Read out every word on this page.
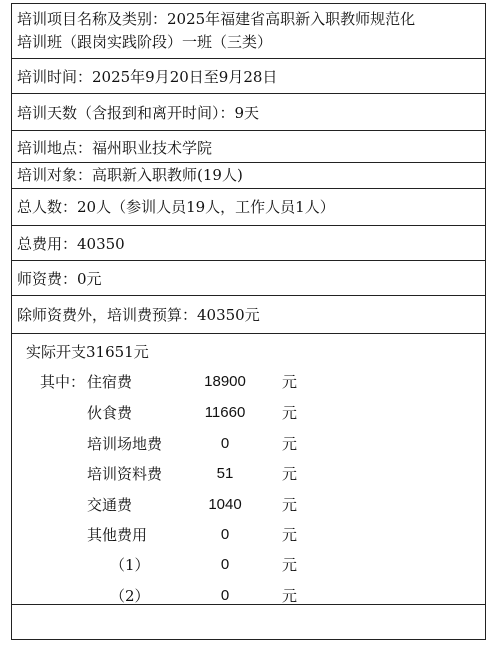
培训项目名称及类别：2025年福建省高职新入职教师规范化
培训班（跟岗实践阶段）一班（三类）
培训时间：2025年9月20日至9月28日
培训天数（含报到和离开时间）：9天
培训地点：福州职业技术学院
培训对象：高职新入职教师(19人)
总人数：20人（参训人员19人，工作人员1人）
总费用：40350
师资费：0元
除师资费外，培训费预算：40350元
实际开支31651元
其中： 住宿费	18900	元
伙食费	11660	元
培训场地费	0	元
培训资料费	51	元
交通费	1040	元
其他费用	0	元
（1）	0	元
（2）	0	元
